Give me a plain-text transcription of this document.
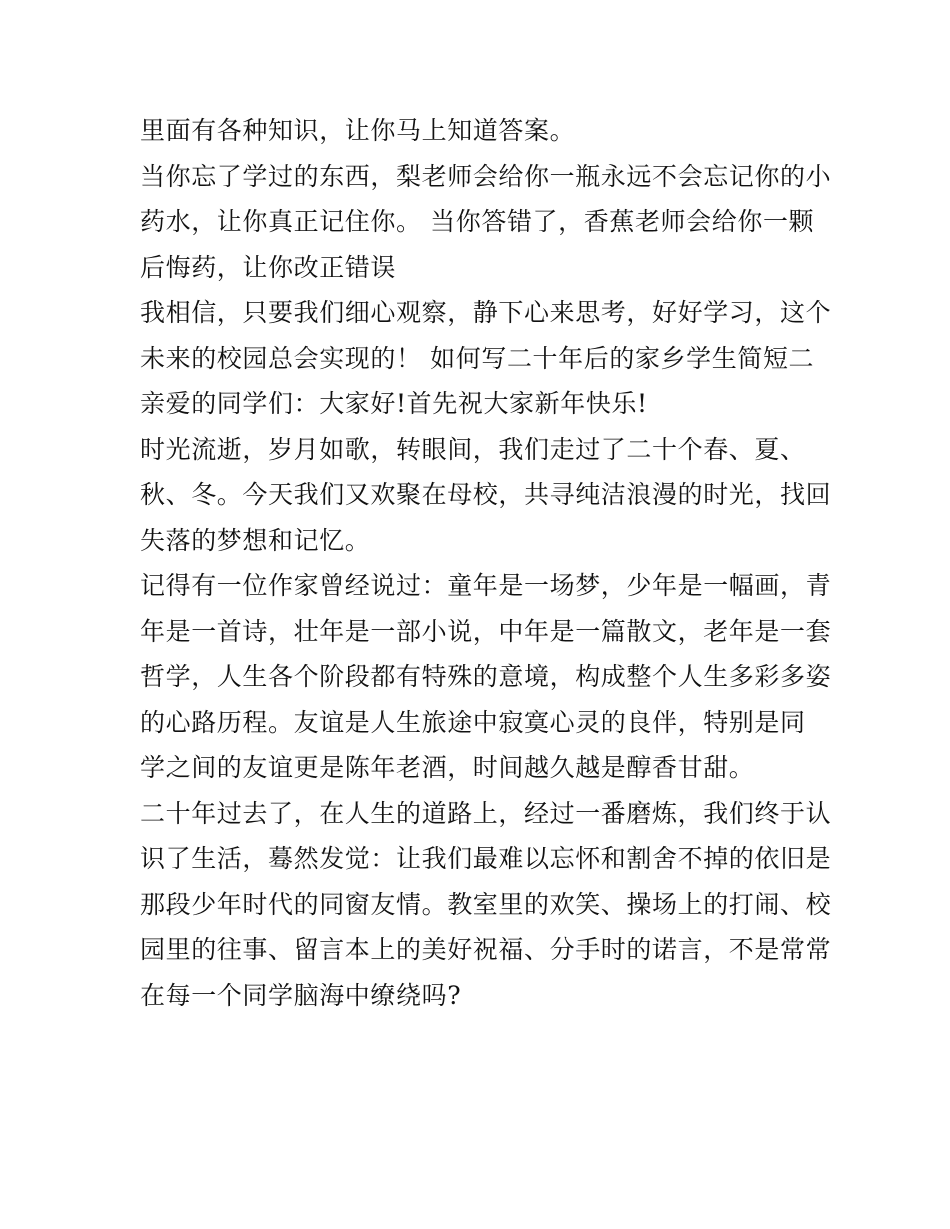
里面有各种知识，让你马上知道答案。
当你忘了学过的东西，梨老师会给你一瓶永远不会忘记你的小
药水，让你真正记住你。 当你答错了，香蕉老师会给你一颗
后悔药，让你改正错误
我相信，只要我们细心观察，静下心来思考，好好学习，这个
未来的校园总会实现的！ 如何写二十年后的家乡学生简短二
亲爱的同学们：大家好!首先祝大家新年快乐!
时光流逝，岁月如歌，转眼间，我们走过了二十个春、夏、
秋、冬。今天我们又欢聚在母校，共寻纯洁浪漫的时光，找回
失落的梦想和记忆。
记得有一位作家曾经说过：童年是一场梦，少年是一幅画，青
年是一首诗，壮年是一部小说，中年是一篇散文，老年是一套
哲学，人生各个阶段都有特殊的意境，构成整个人生多彩多姿
的心路历程。友谊是人生旅途中寂寞心灵的良伴，特别是同
学之间的友谊更是陈年老酒，时间越久越是醇香甘甜。
二十年过去了，在人生的道路上，经过一番磨炼，我们终于认
识了生活，蓦然发觉：让我们最难以忘怀和割舍不掉的依旧是
那段少年时代的同窗友情。教室里的欢笑、操场上的打闹、校
园里的往事、留言本上的美好祝福、分手时的诺言，不是常常
在每一个同学脑海中缭绕吗?
